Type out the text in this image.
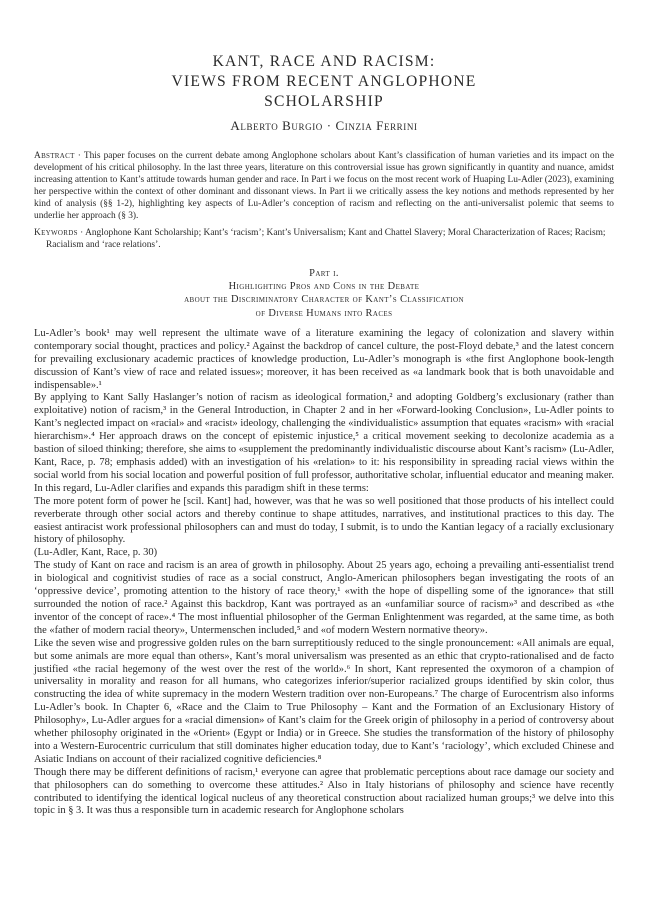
KANT, RACE AND RACISM:
VIEWS FROM RECENT ANGLOPHONE
SCHOLARSHIP
Alberto Burgio · Cinzia Ferrini

Abstract · This paper focuses on the current debate among Anglophone scholars about Kant’s classification of human varieties and its impact on the development of his critical philosophy. In the last three years, literature on this controversial issue has grown significantly in quantity and nuance, amidst increasing attention to Kant’s attitude towards human gender and race. In Part i we focus on the most recent work of Huaping Lu-Adler (2023), examining her perspective within the context of other dominant and dissonant views. In Part ii we critically assess the key notions and methods represented by her kind of analysis (§§ 1-2), highlighting key aspects of Lu-Adler’s conception of racism and reflecting on the anti-universalist polemic that seems to underlie her approach (§ 3).

Keywords · Anglophone Kant Scholarship; Kant’s ‘racism’; Kant’s Universalism; Kant and Chattel Slavery; Moral Characterization of Races; Racism; Racialism and ‘race relations’.

Part i.
Highlighting Pros and Cons in the Debate
about the Discriminatory Character of Kant’s Classification
of Diverse Humans into Races

Lu-Adler’s book¹ may well represent the ultimate wave of a literature examining the legacy of colonization and slavery within contemporary social thought, practices and policy.² Against the backdrop of cancel culture, the post-Floyd debate,³ and the latest concern for prevailing exclusionary academic practices of knowledge production, Lu-Adler’s monograph is «the first Anglophone book-length discussion of Kant’s view of race and related issues»; moreover, it has been received as «a landmark book that is both unavoidable and indispensable».¹

By applying to Kant Sally Haslanger’s notion of racism as ideological formation,² and adopting Goldberg’s exclusionary (rather than exploitative) notion of racism,³ in the General Introduction, in Chapter 2 and in her «Forward-looking Conclusion», Lu-Adler points to Kant’s neglected impact on «racial» and «racist» ideology, challenging the «individualistic» assumption that equates «racism» with «racial hierarchism».⁴ Her approach draws on the concept of epistemic injustice,⁵ a critical movement seeking to decolonize academia as a bastion of siloed thinking; therefore, she aims to «supplement the predominantly individualistic discourse about Kant’s racism» (Lu-Adler, Kant, Race, p. 78; emphasis added) with an investigation of his «relation» to it: his responsibility in spreading racial views within the social world from his social location and powerful position of full professor, authoritative scholar, influential educator and meaning maker. In this regard, Lu-Adler clarifies and expands this paradigm shift in these terms:

The more potent form of power he [scil. Kant] had, however, was that he was so well positioned that those products of his intellect could reverberate through other social actors and thereby continue to shape attitudes, narratives, and institutional practices to this day. The easiest antiracist work professional philosophers can and must do today, I submit, is to undo the Kantian legacy of a racially exclusionary history of philosophy.

(Lu-Adler, Kant, Race, p. 30)

The study of Kant on race and racism is an area of growth in philosophy. About 25 years ago, echoing a prevailing anti-essentialist trend in biological and cognitivist studies of race as a social construct, Anglo-American philosophers began investigating the roots of an ‘oppressive device’, promoting attention to the history of race theory,¹ «with the hope of dispelling some of the ignorance» that still surrounded the notion of race.² Against this backdrop, Kant was portrayed as an «unfamiliar source of racism»³ and described as «the inventor of the concept of race».⁴ The most influential philosopher of the German Enlightenment was regarded, at the same time, as both the «father of modern racial theory», Untermenschen included,⁵ and «of modern Western normative theory».

Like the seven wise and progressive golden rules on the barn surreptitiously reduced to the single pronouncement: «All animals are equal, but some animals are more equal than others», Kant’s moral universalism was presented as an ethic that crypto-rationalised and de facto justified «the racial hegemony of the west over the rest of the world».⁶ In short, Kant represented the oxymoron of a champion of universality in morality and reason for all humans, who categorizes inferior/superior racialized groups identified by skin color, thus constructing the idea of white supremacy in the modern Western tradition over non-Europeans.⁷ The charge of Eurocentrism also informs Lu-Adler’s book. In Chapter 6, «Race and the Claim to True Philosophy – Kant and the Formation of an Exclusionary History of Philosophy», Lu-Adler argues for a «racial dimension» of Kant’s claim for the Greek origin of philosophy in a period of controversy about whether philosophy originated in the «Orient» (Egypt or India) or in Greece. She studies the transformation of the history of philosophy into a Western-Eurocentric curriculum that still dominates higher education today, due to Kant’s ‘raciology’, which excluded Chinese and Asiatic Indians on account of their racialized cognitive deficiencies.⁸

Though there may be different definitions of racism,¹ everyone can agree that problematic perceptions about race damage our society and that philosophers can do something to overcome these attitudes.² Also in Italy historians of philosophy and science have recently contributed to identifying the identical logical nucleus of any theoretical construction about racialized human groups;³ we delve into this topic in § 3. It was thus a responsible turn in academic research for Anglophone scholars
